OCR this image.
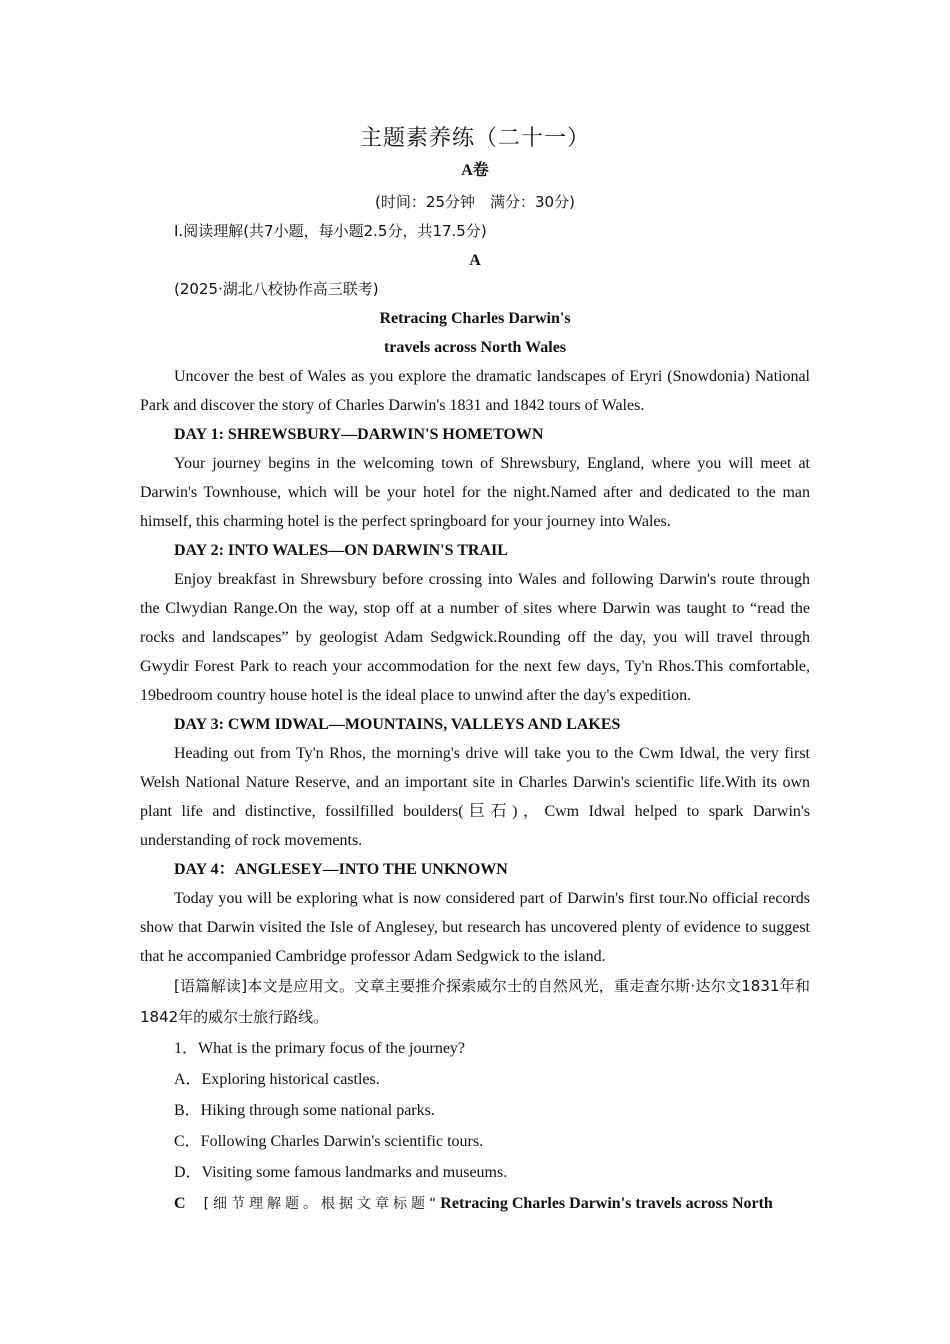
主题素养练（二十一）
A卷
(时间：25分钟　满分：30分)
Ⅰ.阅读理解(共7小题，每小题2.5分，共17.5分)
A
(2025·湖北八校协作高三联考)
Retracing Charles Darwin's
travels across North Wales

Uncover the best of Wales as you explore the dramatic landscapes of Eryri (Snowdonia) National Park and discover the story of Charles Darwin's 1831 and 1842 tours of Wales.

DAY 1: SHREWSBURY—DARWIN'S HOMETOWN

Your journey begins in the welcoming town of Shrewsbury, England, where you will meet at Darwin's Townhouse, which will be your hotel for the night.Named after and dedicated to the man himself, this charming hotel is the perfect springboard for your journey into Wales.

DAY 2: INTO WALES—ON DARWIN'S TRAIL

Enjoy breakfast in Shrewsbury before crossing into Wales and following Darwin's route through the Clwydian Range.On the way, stop off at a number of sites where Darwin was taught to “read the rocks and landscapes” by geologist Adam Sedgwick.Rounding off the day, you will travel through Gwydir Forest Park to reach your accommodation for the next few days, Ty'n Rhos.This comfortable, 19bedroom country house hotel is the ideal place to unwind after the day's expedition.

DAY 3: CWM IDWAL—MOUNTAINS, VALLEYS AND LAKES

Heading out from Ty'n Rhos, the morning's drive will take you to the Cwm Idwal, the very first Welsh National Nature Reserve, and an important site in Charles Darwin's scientific life.With its own plant life and distinctive, fossilfilled boulders(巨石)，Cwm Idwal helped to spark Darwin's understanding of rock movements.

DAY 4：ANGLESEY—INTO THE UNKNOWN

Today you will be exploring what is now considered part of Darwin's first tour.No official records show that Darwin visited the Isle of Anglesey, but research has uncovered plenty of evidence to suggest that he accompanied Cambridge professor Adam Sedgwick to the island.

[语篇解读]本文是应用文。文章主要推介探索威尔士的自然风光，重走查尔斯·达尔文1831年和1842年的威尔士旅行路线。

1．What is the primary focus of the journey?
A．Exploring historical castles.
B．Hiking through some national parks.
C．Following Charles Darwin's scientific tours.
D．Visiting some famous landmarks and museums.
C [细节理解题。根据文章标题“Retracing Charles Darwin's travels across North
